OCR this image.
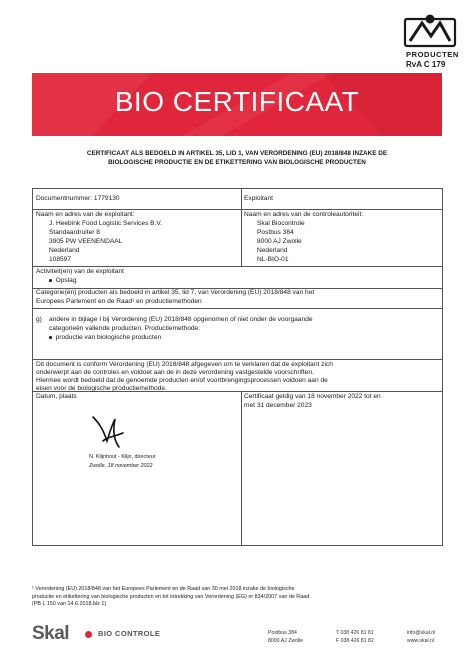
PRODUCTEN
RvA C 179
BIO CERTIFICAAT
CERTIFICAAT ALS BEDOELD IN ARTIKEL 35, LID 1, VAN VERORDENING (EU) 2018/848 INZAKE DE
BIOLOGISCHE PRODUCTIE EN DE ETIKETTERING VAN BIOLOGISCHE PRODUCTEN
Documentnummer: 1779130	Exploitant
Naam en adres van de exploitant:
J. Heebink Food Logistic Services B.V.
Standaardruiter 8
3905 PW VEENENDAAL
Nederland
108597
Naam en adres van de controleautoriteit:
Skal Biocontrole
Postbus 384
8000 AJ Zwolle
Nederland
NL-BIO-01
Activiteit(en) van de exploitant
Opslag
Categorie(ën) producten als bedoeld in artikel 35, lid 7, van Verordening (EU) 2018/848 van het
Europees Parlement en de Raad¹ en productiemethoden
g) andere in bijlage I bij Verordening (EU) 2018/848 opgenomen of niet onder de voorgaande
categorieën vallende producten. Productiemethode:
productie van biologische producten
Dit document is conform Verordening (EU) 2018/848 afgegeven om te verklaren dat de exploitant zich
onderwerpt aan de controles en voldoet aan de in deze verordening vastgestelde voorschriften.
Hiermee wordt bedoeld dat de genoemde producten en/of voortbrengingsprocessen voldoen aan de
eisen voor de biologische productiemethode.
Datum, plaats	Certificaat geldig van 18 november 2022 tot en
met 31 december 2023
N. Klijnhout - Klijn, directeur
Zwolle, 18 november 2022
¹ Verordening (EU) 2018/848 van het Europees Parlement en de Raad van 30 mei 2018 inzake de biologische
productie en etikettering van biologische producten en tot intrekking van Verordening (EG) nr 834/2007 van de Raad
(PB L 150 van 14.6.2018.blz 1)
Skal	BIO CONTROLE	Postbus 384
8000 AJ Zwolle
T 038 426 81 81
F 038 426 81 82
info@skal.nl
www.skal.nl
